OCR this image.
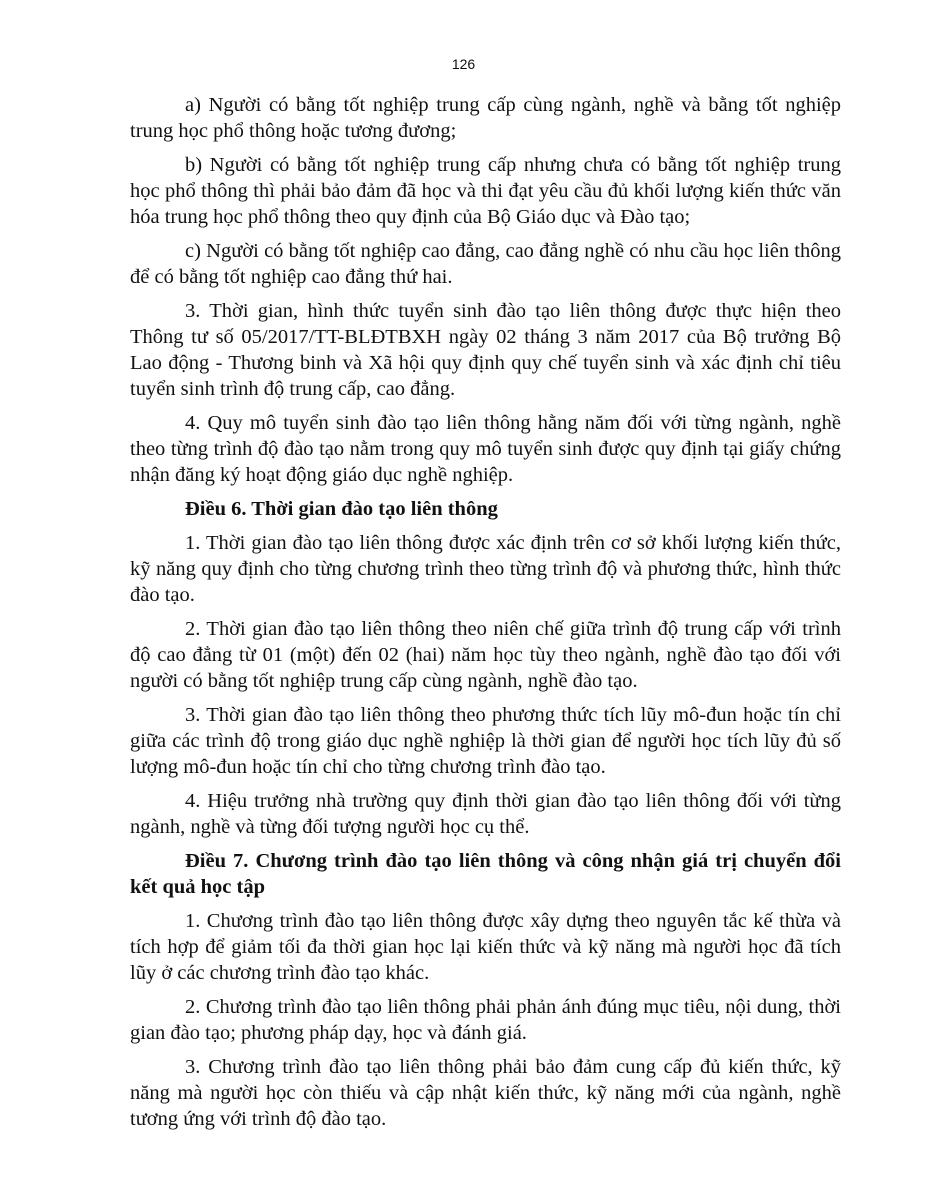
126

a) Người có bằng tốt nghiệp trung cấp cùng ngành, nghề và bằng tốt nghiệp trung học phổ thông hoặc tương đương;

b) Người có bằng tốt nghiệp trung cấp nhưng chưa có bằng tốt nghiệp trung học phổ thông thì phải bảo đảm đã học và thi đạt yêu cầu đủ khối lượng kiến thức văn hóa trung học phổ thông theo quy định của Bộ Giáo dục và Đào tạo;

c) Người có bằng tốt nghiệp cao đẳng, cao đẳng nghề có nhu cầu học liên thông để có bằng tốt nghiệp cao đẳng thứ hai.

3. Thời gian, hình thức tuyển sinh đào tạo liên thông được thực hiện theo Thông tư số 05/2017/TT-BLĐTBXH ngày 02 tháng 3 năm 2017 của Bộ trưởng Bộ Lao động - Thương binh và Xã hội quy định quy chế tuyển sinh và xác định chỉ tiêu tuyển sinh trình độ trung cấp, cao đẳng.

4. Quy mô tuyển sinh đào tạo liên thông hằng năm đối với từng ngành, nghề theo từng trình độ đào tạo nằm trong quy mô tuyển sinh được quy định tại giấy chứng nhận đăng ký hoạt động giáo dục nghề nghiệp.

Điều 6. Thời gian đào tạo liên thông

1. Thời gian đào tạo liên thông được xác định trên cơ sở khối lượng kiến thức, kỹ năng quy định cho từng chương trình theo từng trình độ và phương thức, hình thức đào tạo.

2. Thời gian đào tạo liên thông theo niên chế giữa trình độ trung cấp với trình độ cao đẳng từ 01 (một) đến 02 (hai) năm học tùy theo ngành, nghề đào tạo đối với người có bằng tốt nghiệp trung cấp cùng ngành, nghề đào tạo.

3. Thời gian đào tạo liên thông theo phương thức tích lũy mô-đun hoặc tín chỉ giữa các trình độ trong giáo dục nghề nghiệp là thời gian để người học tích lũy đủ số lượng mô-đun hoặc tín chỉ cho từng chương trình đào tạo.

4. Hiệu trưởng nhà trường quy định thời gian đào tạo liên thông đối với từng ngành, nghề và từng đối tượng người học cụ thể.

Điều 7. Chương trình đào tạo liên thông và công nhận giá trị chuyển đổi kết quả học tập

1. Chương trình đào tạo liên thông được xây dựng theo nguyên tắc kế thừa và tích hợp để giảm tối đa thời gian học lại kiến thức và kỹ năng mà người học đã tích lũy ở các chương trình đào tạo khác.

2. Chương trình đào tạo liên thông phải phản ánh đúng mục tiêu, nội dung, thời gian đào tạo; phương pháp dạy, học và đánh giá.

3. Chương trình đào tạo liên thông phải bảo đảm cung cấp đủ kiến thức, kỹ năng mà người học còn thiếu và cập nhật kiến thức, kỹ năng mới của ngành, nghề tương ứng với trình độ đào tạo.
